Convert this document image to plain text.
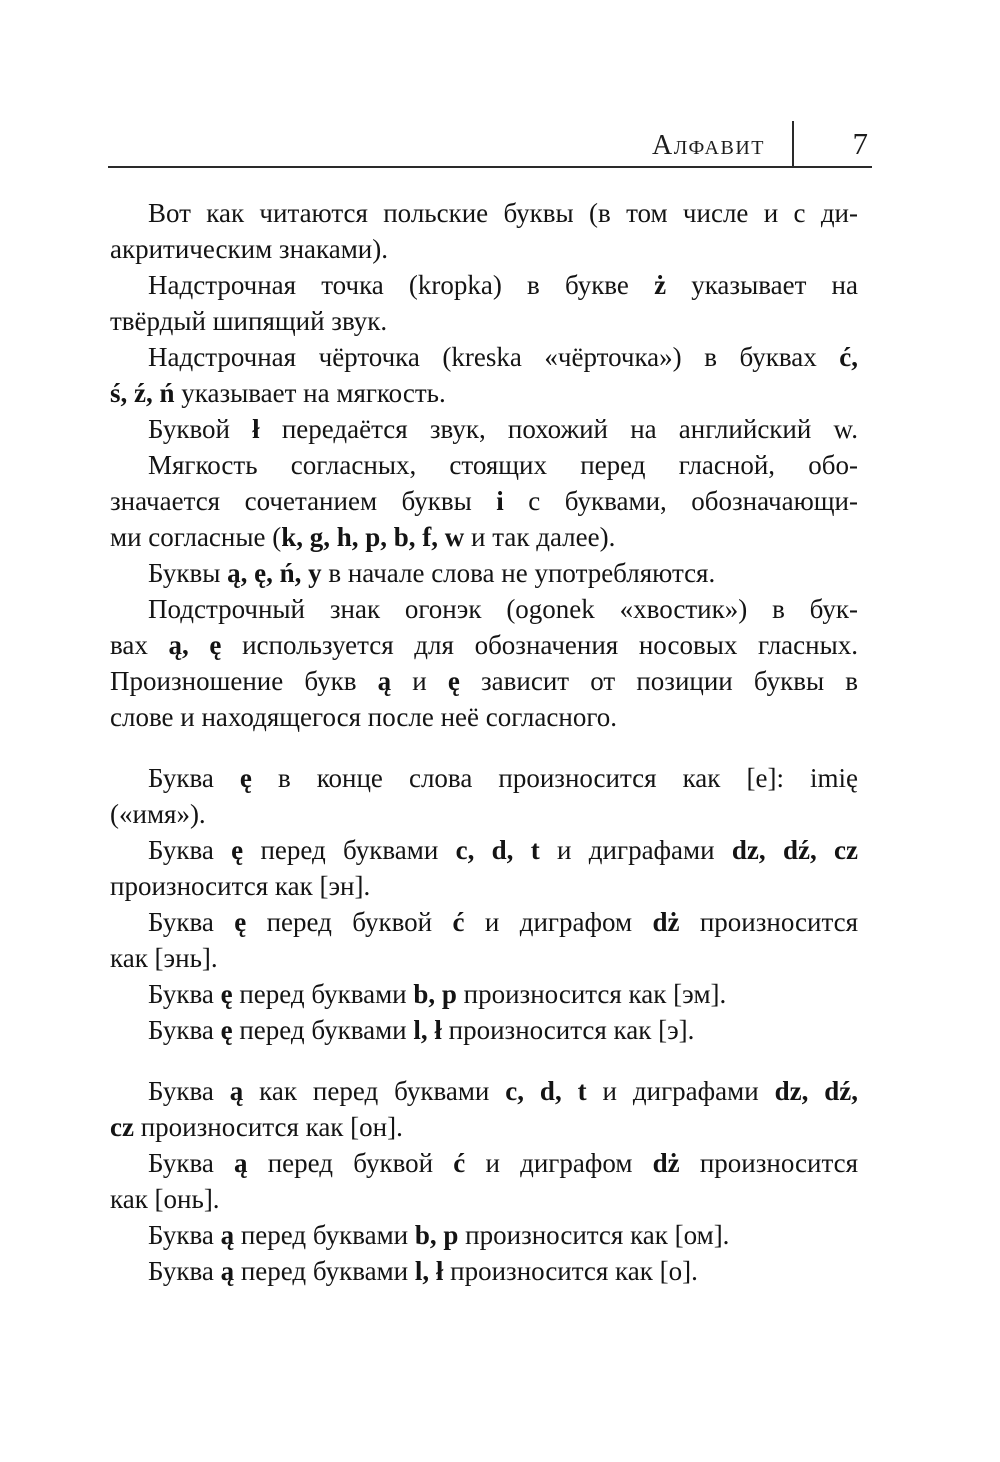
Алфавит	7
Вот как читаются польские буквы (в том числе и с ди-
акритическим знаками).
Надстрочная точка (kropka) в букве ż указывает на
твёрдый шипящий звук.
Надстрочная чёрточка (kreska «чёрточка») в буквах ć,
ś, ź, ń указывает на мягкость.
Буквой ł передаётся звук, похожий на английский w.
Мягкость согласных, стоящих перед гласной, обо-
значается сочетанием буквы i с буквами, обозначающи-
ми согласные (k, g, h, p, b, f, w и так далее).
Буквы ą, ę, ń, y в начале слова не употребляются.
Подстрочный знак огонэк (ogonek «хвостик») в бук-
вах ą, ę используется для обозначения носовых гласных.
Произношение букв ą и ę зависит от позиции буквы в
слове и находящегося после неё согласного.
Буква ę в конце слова произносится как [e]: imię
(«имя»).
Буква ę перед буквами c, d, t и диграфами dz, dź, cz
произносится как [эн].
Буква ę перед буквой ć и диграфом dż произносится
как [энь].
Буква ę перед буквами b, p произносится как [эм].
Буква ę перед буквами l, ł произносится как [э].
Буква ą как перед буквами c, d, t и диграфами dz, dź,
cz произносится как [он].
Буква ą перед буквой ć и диграфом dż произносится
как [онь].
Буква ą перед буквами b, p произносится как [ом].
Буква ą перед буквами l, ł произносится как [о].
